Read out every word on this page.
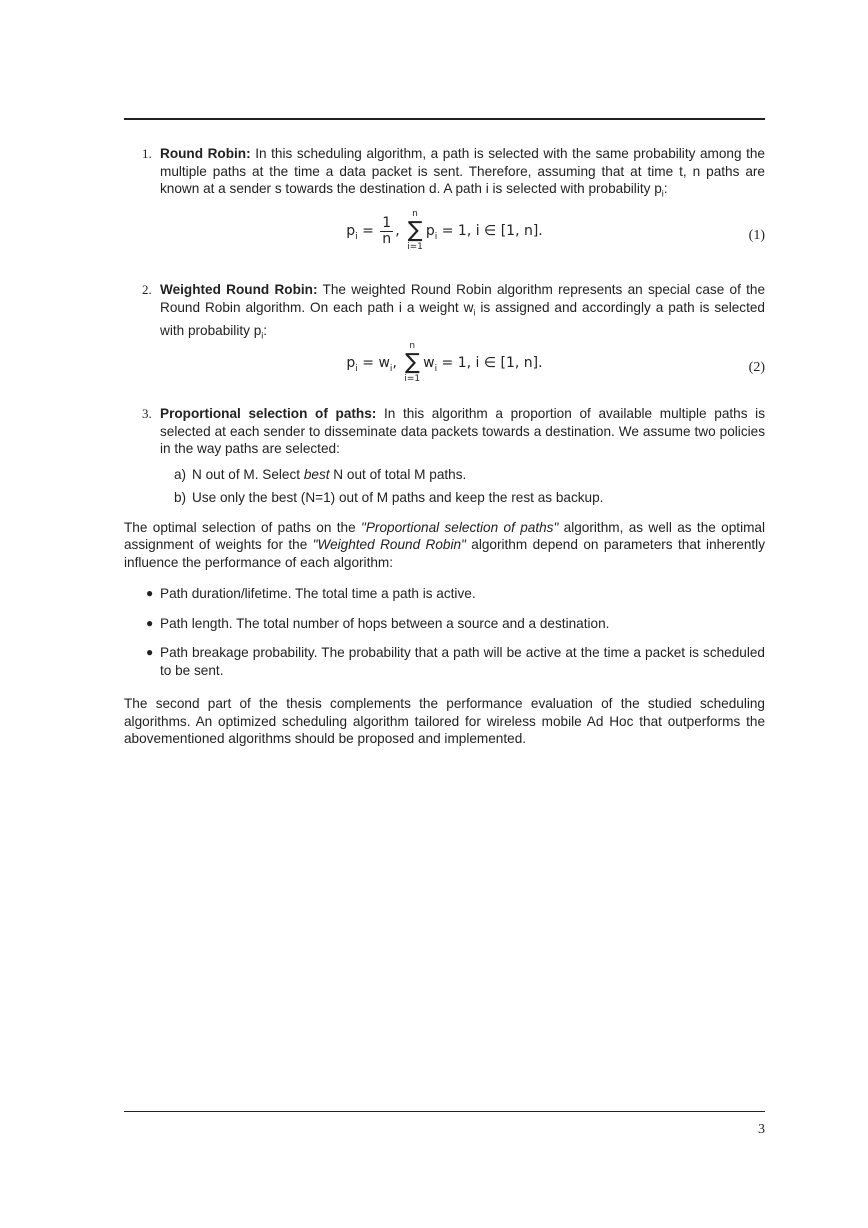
1. Round Robin: In this scheduling algorithm, a path is selected with the same probability among the multiple paths at the time a data packet is sent. Therefore, assuming that at time t, n paths are known at a sender s towards the destination d. A path i is selected with probability $p_i$:
$p_i = \frac{1}{n}$ ,
n
∑
i=1
$p_i = 1$, i ∈ [1, n].	(1)
2. Weighted Round Robin: The weighted Round Robin algorithm represents an special case of the Round Robin algorithm. On each path i a weight $w_i$ is assigned and accordingly a path is selected with probability $p_i$:
$p_i = w_i$,
n
∑
i=1
$w_i = 1$, i ∈ [1, n].	(2)
3. Proportional selection of paths: In this algorithm a proportion of available multiple paths is selected at each sender to disseminate data packets towards a destination. We assume two policies in the way paths are selected:
a) N out of M. Select best N out of total M paths.
b) Use only the best (N=1) out of M paths and keep the rest as backup.
The optimal selection of paths on the "Proportional selection of paths" algorithm, as well as the optimal assignment of weights for the "Weighted Round Robin" algorithm depend on parameters that inherently influence the performance of each algorithm:
● Path duration/lifetime. The total time a path is active.
● Path length. The total number of hops between a source and a destination.
● Path breakage probability. The probability that a path will be active at the time a packet is scheduled to be sent.
The second part of the thesis complements the performance evaluation of the studied scheduling algorithms. An optimized scheduling algorithm tailored for wireless mobile Ad Hoc that outperforms the abovementioned algorithms should be proposed and implemented.
3
